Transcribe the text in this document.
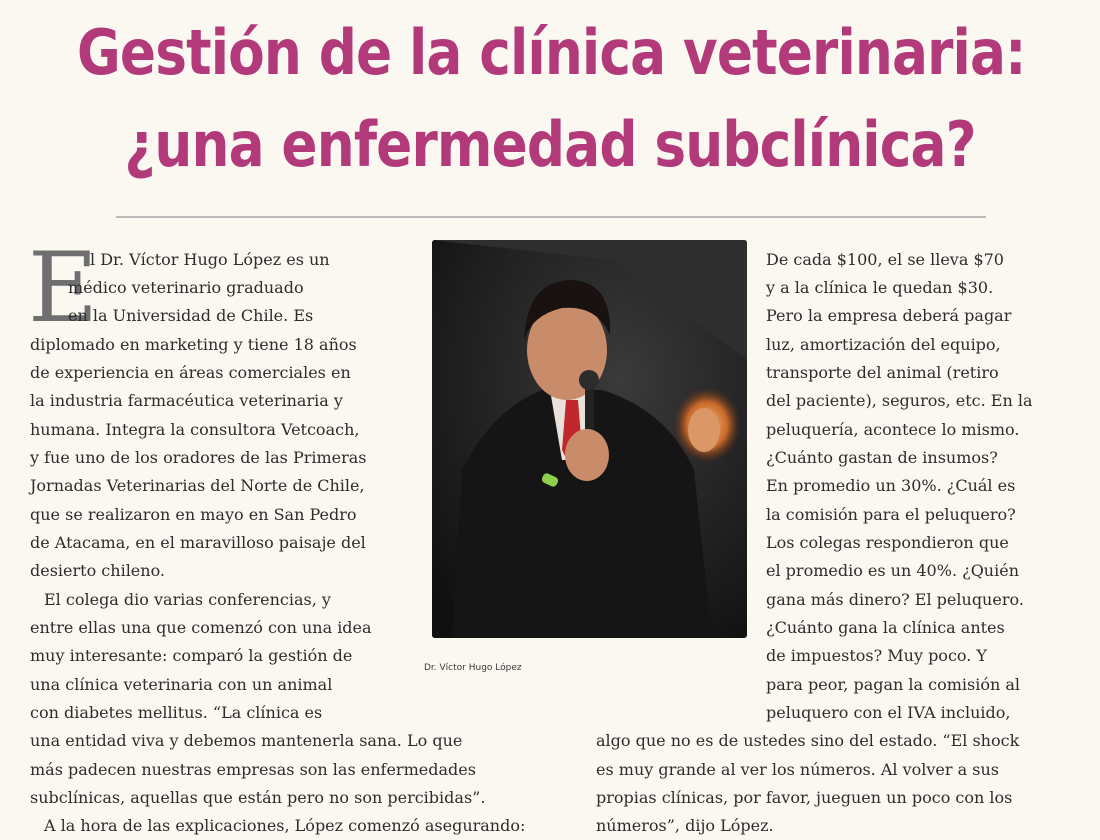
Gestión de la clínica veterinaria:
¿una enfermedad subclínica?
E
l Dr. Víctor Hugo López es un
médico veterinario graduado
en la Universidad de Chile. Es
diplomado en marketing y tiene 18 años
de experiencia en áreas comerciales en
la industria farmacéutica veterinaria y
humana. Integra la consultora Vetcoach,
y fue uno de los oradores de las Primeras
Jornadas Veterinarias del Norte de Chile,
que se realizaron en mayo en San Pedro
de Atacama, en el maravilloso paisaje del
desierto chileno.
El colega dio varias conferencias, y
entre ellas una que comenzó con una idea
muy interesante: comparó la gestión de
una clínica veterinaria con un animal
con diabetes mellitus. “La clínica es
una entidad viva y debemos mantenerla sana. Lo que
más padecen nuestras empresas son las enfermedades
subclínicas, aquellas que están pero no son percibidas”.
A la hora de las explicaciones, López comenzó asegurando:
Dr. Víctor Hugo López
De cada $100, el se lleva $70
y a la clínica le quedan $30.
Pero la empresa deberá pagar
luz, amortización del equipo,
transporte del animal (retiro
del paciente), seguros, etc. En la
peluquería, acontece lo mismo.
¿Cuánto gastan de insumos?
En promedio un 30%. ¿Cuál es
la comisión para el peluquero?
Los colegas respondieron que
el promedio es un 40%. ¿Quién
gana más dinero? El peluquero.
¿Cuánto gana la clínica antes
de impuestos? Muy poco. Y
para peor, pagan la comisión al
peluquero con el IVA incluido,
algo que no es de ustedes sino del estado. “El shock
es muy grande al ver los números. Al volver a sus
propias clínicas, por favor, jueguen un poco con los
números”, dijo López.
